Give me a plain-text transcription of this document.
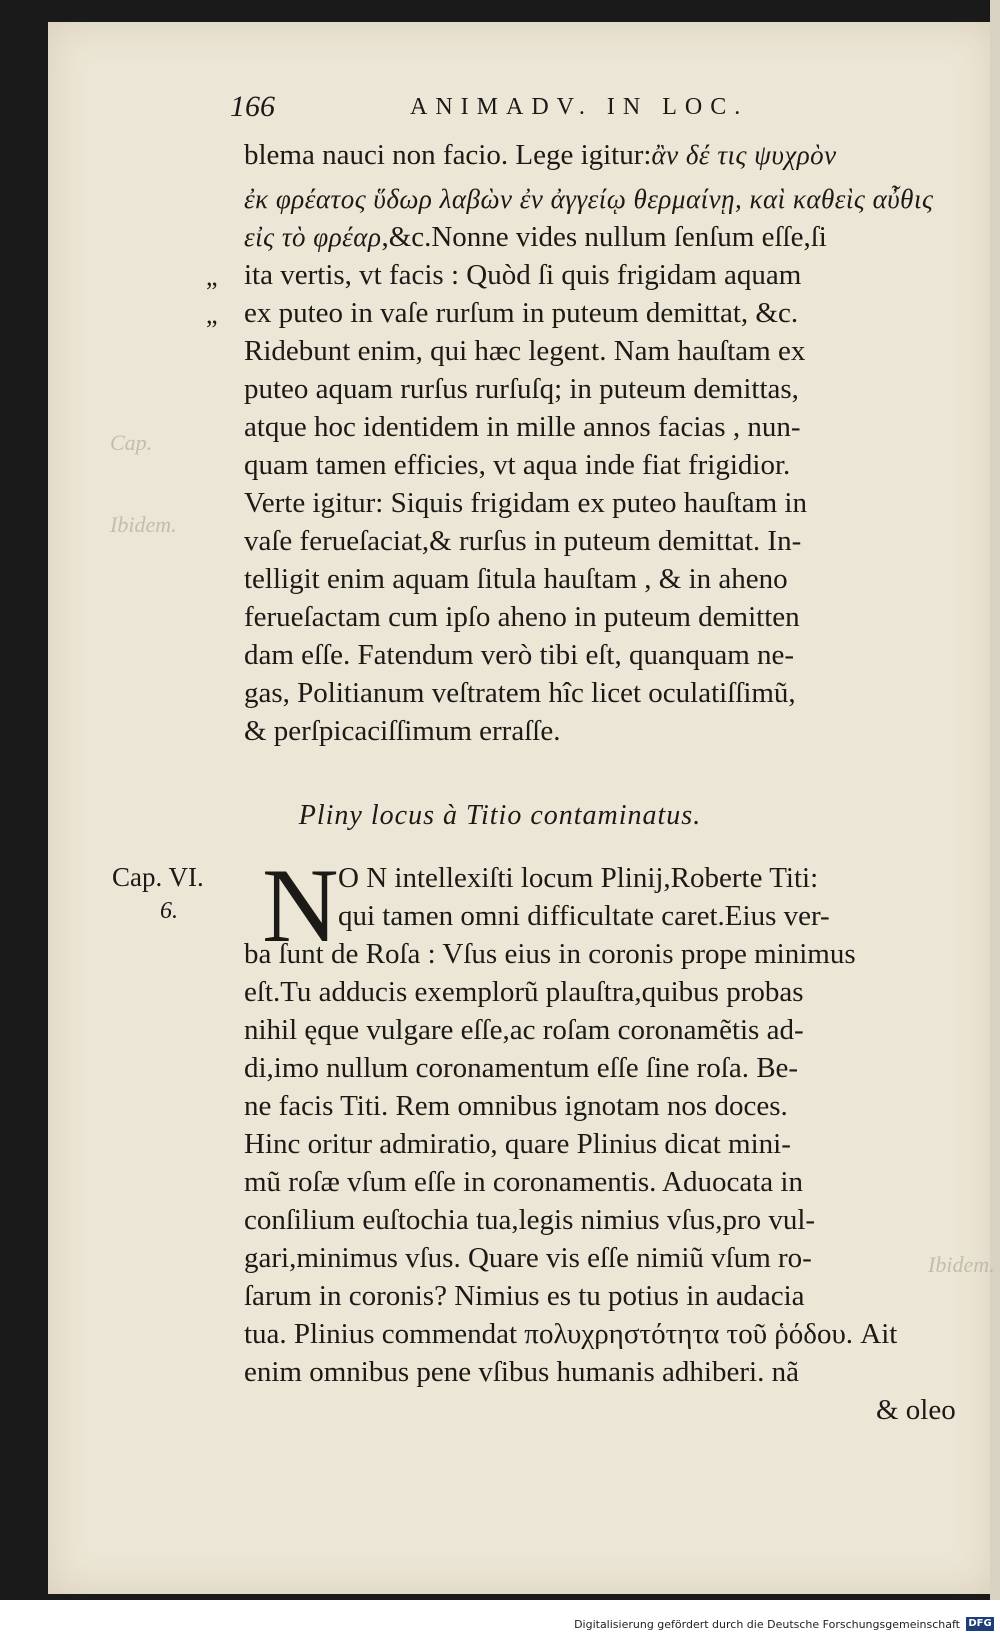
166	ANIMADV. IN LOC.
Cap.
Ibidem.
Ibidem.
blema nauci non facio. Lege igitur:ἂν δέ τις ψυχρὸν
ἐκ φρέατος ὕδωρ λαβὼν ἐν ἀγγείῳ θερμαίνῃ, καὶ καθεὶς αὖθις
εἰς τὸ φρέαρ,&c.Nonne vides nullum ſenſum eſſe,ſi
ita vertis, vt facis : Quòd ſi quis frigidam aquam
ex puteo in vaſe rurſum in puteum demittat, &c.
Ridebunt enim, qui hæc legent. Nam hauſtam ex
puteo aquam rurſus rurſuſq; in puteum demittas,
atque hoc identidem in mille annos facias , nun-
quam tamen efficies, vt aqua inde fiat frigidior.
Verte igitur: Siquis frigidam ex puteo hauſtam in
vaſe ferueſaciat,& rurſus in puteum demittat. In-
telligit enim aquam ſitula hauſtam , & in aheno
ferueſactam cum ipſo aheno in puteum demitten
dam eſſe. Fatendum verò tibi eſt, quanquam ne-
gas, Politianum veſtratem hîc licet oculatiſſimũ,
& perſpicaciſſimum erraſſe.
„
„
Pliny locus à Titio contaminatus.
Cap. VI.
6. N O N intellexiſti locum Plinij,Roberte Titi:
qui tamen omni difficultate caret.Eius ver-
ba ſunt de Roſa : Vſus eius in coronis prope minimus
eſt.Tu adducis exemplorũ plauſtra,quibus probas
nihil ęque vulgare eſſe,ac roſam coronamẽtis ad-
di,imo nullum coronamentum eſſe ſine roſa. Be-
ne facis Titi. Rem omnibus ignotam nos doces.
Hinc oritur admiratio, quare Plinius dicat mini-
mũ roſæ vſum eſſe in coronamentis. Aduocata in
conſilium euſtochia tua,legis nimius vſus,pro vul-
gari,minimus vſus. Quare vis eſſe nimiũ vſum ro-
ſarum in coronis? Nimius es tu potius in audacia
tua. Plinius commendat πολυχρηστότητα τοῦ ῥόδου. Ait
enim omnibus pene vſibus humanis adhiberi. nã
& oleo
Digitalisierung gefördert durch die Deutsche Forschungsgemeinschaft DFG
